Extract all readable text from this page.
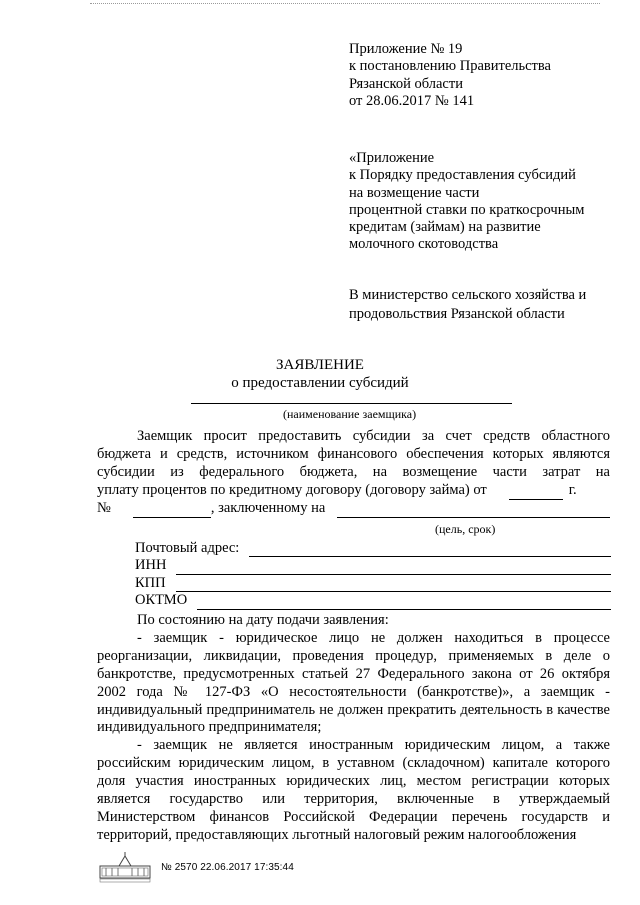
Приложение № 19
к постановлению Правительства
Рязанской области
от 28.06.2017 № 141
«Приложение
к Порядку предоставления субсидий
на возмещение части
процентной ставки по краткосрочным
кредитам (займам) на развитие
молочного скотоводства
В министерство сельского хозяйства и
продовольствия Рязанской области
ЗАЯВЛЕНИЕ
о предоставлении субсидий
(наименование заемщика)
Заемщик просит предоставить субсидии за счет средств областного
бюджета и средств, источником финансового обеспечения которых являются
субсидии из федерального бюджета, на возмещение части затрат на
уплату процентов по кредитному договору (договору займа) от	г.
№	, заключенному на
(цель, срок)
Почтовый адрес:
ИНН
КПП
ОКТМО
По состоянию на дату подачи заявления:
- заемщик - юридическое лицо не должен находиться в процессе реорганизации, ликвидации, проведения процедур, применяемых в деле о банкротстве, предусмотренных статьей 27 Федерального закона от 26 октября 2002 года № 127-ФЗ «О несостоятельности (банкротстве)», а заемщик - индивидуальный предприниматель не должен прекратить деятельность в качестве индивидуального предпринимателя;
- заемщик не является иностранным юридическим лицом, а также российским юридическим лицом, в уставном (складочном) капитале которого доля участия иностранных юридических лиц, местом регистрации которых является государство или территория, включенные в утверждаемый Министерством финансов Российской Федерации перечень государств и территорий, предоставляющих льготный налоговый режим налогообложения
№ 2570 22.06.2017 17:35:44
